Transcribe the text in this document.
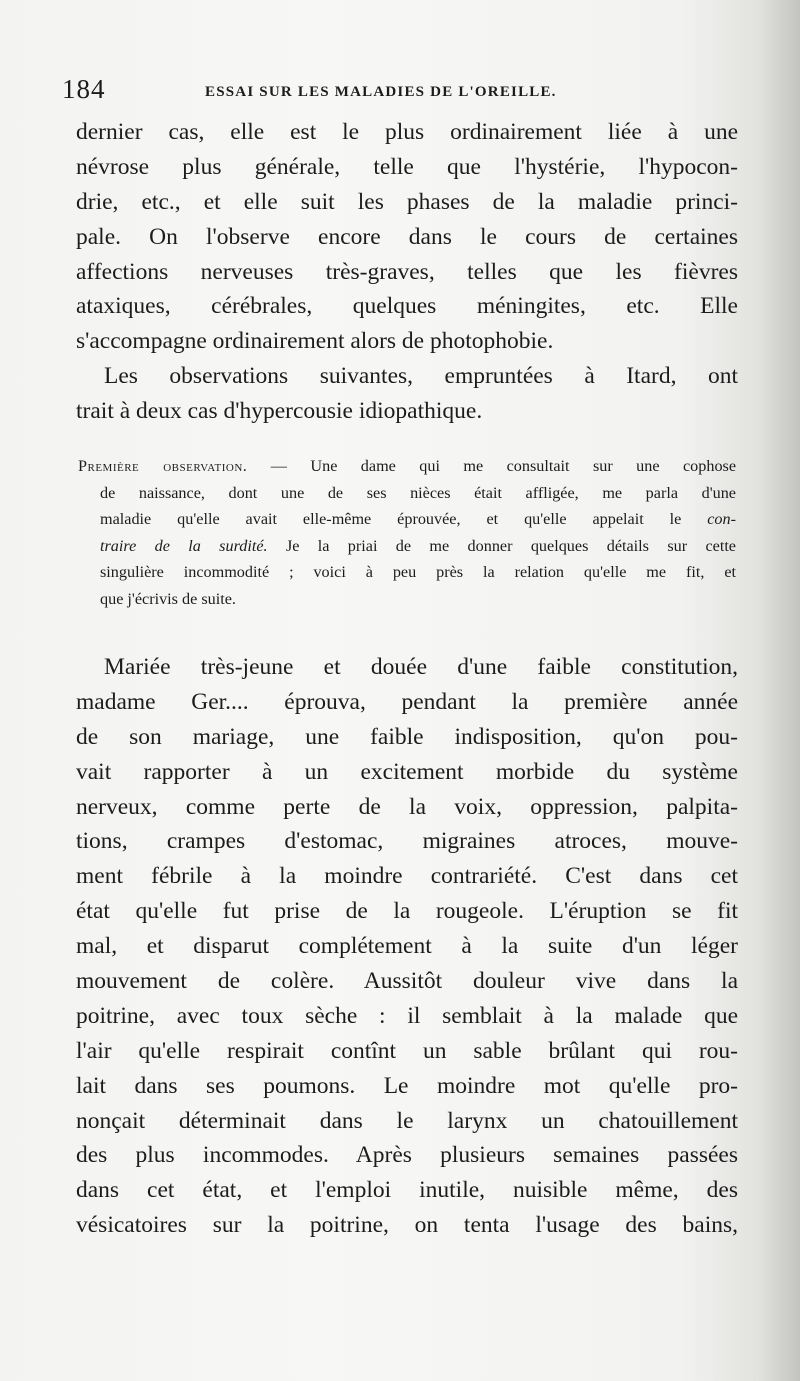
184	ESSAI SUR LES MALADIES DE L'OREILLE.
dernier cas, elle est le plus ordinairement liée à une
névrose plus générale, telle que l'hystérie, l'hypocon-
drie, etc., et elle suit les phases de la maladie princi-
pale. On l'observe encore dans le cours de certaines
affections nerveuses très-graves, telles que les fièvres
ataxiques, cérébrales, quelques méningites, etc. Elle
s'accompagne ordinairement alors de photophobie.
Les observations suivantes, empruntées à Itard, ont
trait à deux cas d'hypercousie idiopathique.
Première observation. — Une dame qui me consultait sur une cophose
de naissance, dont une de ses nièces était affligée, me parla d'une
maladie qu'elle avait elle-même éprouvée, et qu'elle appelait le con-
traire de la surdité. Je la priai de me donner quelques détails sur cette
singulière incommodité ; voici à peu près la relation qu'elle me fit, et
que j'écrivis de suite.
Mariée très-jeune et douée d'une faible constitution,
madame Ger.... éprouva, pendant la première année
de son mariage, une faible indisposition, qu'on pou-
vait rapporter à un excitement morbide du système
nerveux, comme perte de la voix, oppression, palpita-
tions, crampes d'estomac, migraines atroces, mouve-
ment fébrile à la moindre contrariété. C'est dans cet
état qu'elle fut prise de la rougeole. L'éruption se fit
mal, et disparut complétement à la suite d'un léger
mouvement de colère. Aussitôt douleur vive dans la
poitrine, avec toux sèche : il semblait à la malade que
l'air qu'elle respirait contînt un sable brûlant qui rou-
lait dans ses poumons. Le moindre mot qu'elle pro-
nonçait déterminait dans le larynx un chatouillement
des plus incommodes. Après plusieurs semaines passées
dans cet état, et l'emploi inutile, nuisible même, des
vésicatoires sur la poitrine, on tenta l'usage des bains,
